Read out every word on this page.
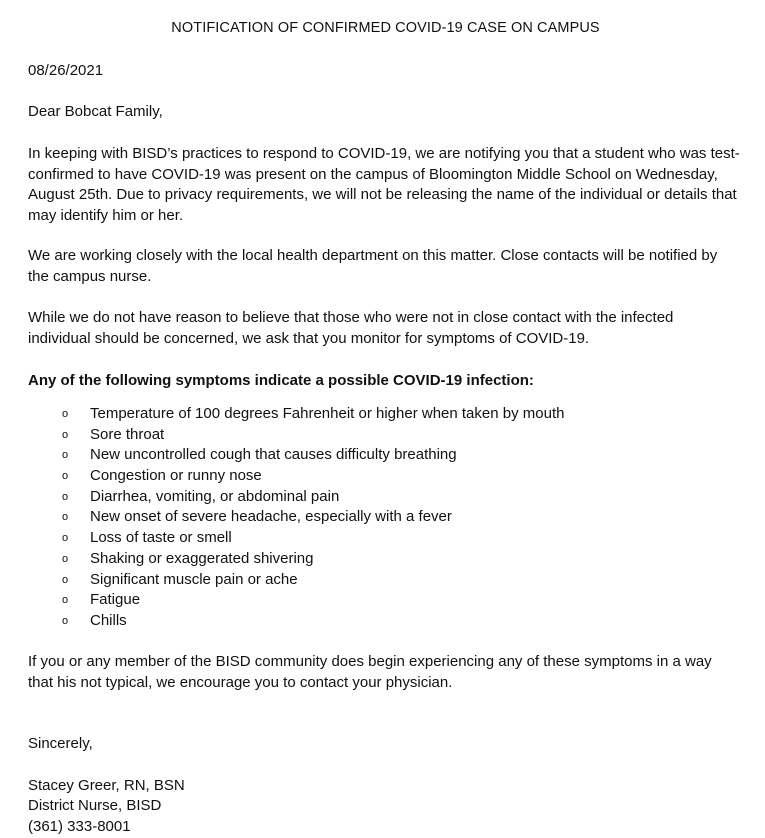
NOTIFICATION OF CONFIRMED COVID-19 CASE ON CAMPUS
08/26/2021
Dear Bobcat Family,

In keeping with BISD’s practices to respond to COVID-19, we are notifying you that a student who was test-confirmed to have COVID-19 was present on the campus of Bloomington Middle School on Wednesday, August 25th. Due to privacy requirements, we will not be releasing the name of the individual or details that may identify him or her.

We are working closely with the local health department on this matter. Close contacts will be notified by the campus nurse.

While we do not have reason to believe that those who were not in close contact with the infected individual should be concerned, we ask that you monitor for symptoms of COVID-19.

Any of the following symptoms indicate a possible COVID-19 infection:
o Temperature of 100 degrees Fahrenheit or higher when taken by mouth
o Sore throat
o New uncontrolled cough that causes difficulty breathing
o Congestion or runny nose
o Diarrhea, vomiting, or abdominal pain
o New onset of severe headache, especially with a fever
o Loss of taste or smell
o Shaking or exaggerated shivering
o Significant muscle pain or ache
o Fatigue
o Chills

If you or any member of the BISD community does begin experiencing any of these symptoms in a way that his not typical, we encourage you to contact your physician.

Sincerely,
Stacey Greer, RN, BSN
District Nurse, BISD
(361) 333-8001
